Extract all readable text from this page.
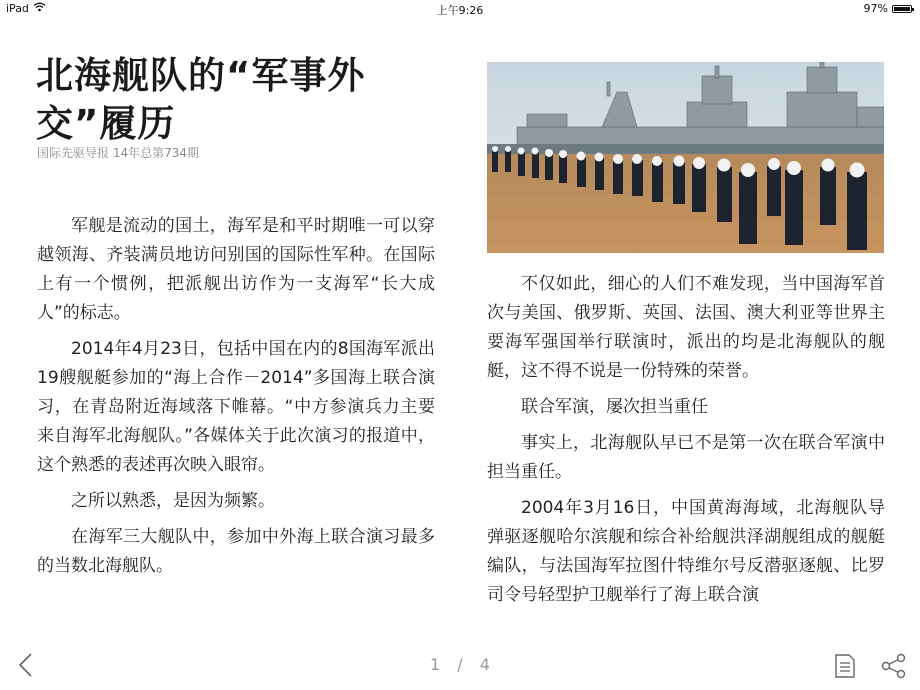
iPad	上午9:26	97%
北海舰队的“军事外交”履历
国际先驱导报 14年总第734期

军舰是流动的国土，海军是和平时期唯一可以穿越领海、齐装满员地访问别国的国际性军种。在国际上有一个惯例，把派舰出访作为一支海军“长大成人”的标志。

2014年4月23日，包括中国在内的8国海军派出19艘舰艇参加的“海上合作－2014”多国海上联合演习，在青岛附近海域落下帷幕。“中方参演兵力主要来自海军北海舰队。”各媒体关于此次演习的报道中，这个熟悉的表述再次映入眼帘。

之所以熟悉，是因为频繁。

在海军三大舰队中，参加中外海上联合演习最多的当数北海舰队。

不仅如此，细心的人们不难发现，当中国海军首次与美国、俄罗斯、英国、法国、澳大利亚等世界主要海军强国举行联演时，派出的均是北海舰队的舰艇，这不得不说是一份特殊的荣誉。

联合军演，屡次担当重任

事实上，北海舰队早已不是第一次在联合军演中担当重任。

2004年3月16日，中国黄海海域，北海舰队导弹驱逐舰哈尔滨舰和综合补给舰洪泽湖舰组成的舰艇编队，与法国海军拉图什特维尔号反潜驱逐舰、比罗司令号轻型护卫舰举行了海上联合演

1 / 4
